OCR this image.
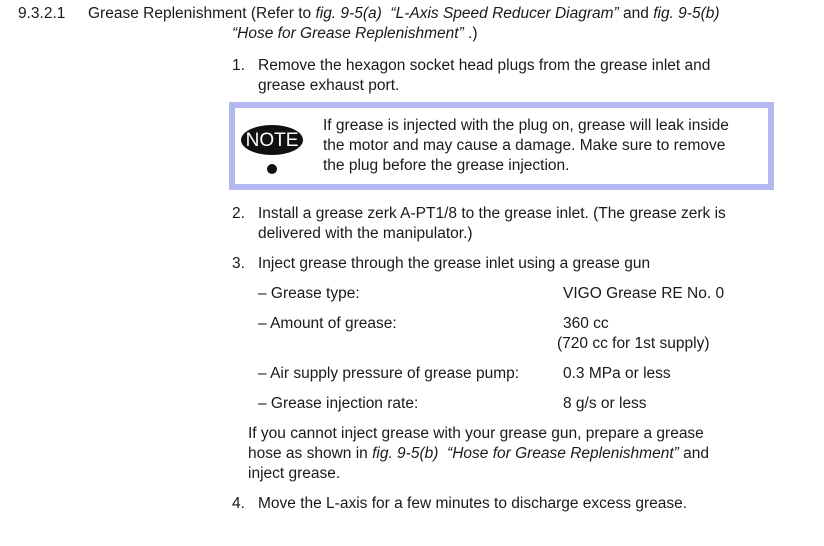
9.3.2.1 Grease Replenishment (Refer to fig. 9-5(a) “L-Axis Speed Reducer Diagram” and fig. 9-5(b)
“Hose for Grease Replenishment” .)
1. Remove the hexagon socket head plugs from the grease inlet and
grease exhaust port.
NOTE
If grease is injected with the plug on, grease will leak inside
the motor and may cause a damage. Make sure to remove
the plug before the grease injection.
2. Install a grease zerk A-PT1/8 to the grease inlet. (The grease zerk is
delivered with the manipulator.)
3. Inject grease through the grease inlet using a grease gun
– Grease type:	VIGO Grease RE No. 0
– Amount of grease:	360 cc
(720 cc for 1st supply)
– Air supply pressure of grease pump:	0.3 MPa or less
– Grease injection rate:	8 g/s or less
If you cannot inject grease with your grease gun, prepare a grease
hose as shown in fig. 9-5(b) “Hose for Grease Replenishment” and
inject grease.
4. Move the L-axis for a few minutes to discharge excess grease.
